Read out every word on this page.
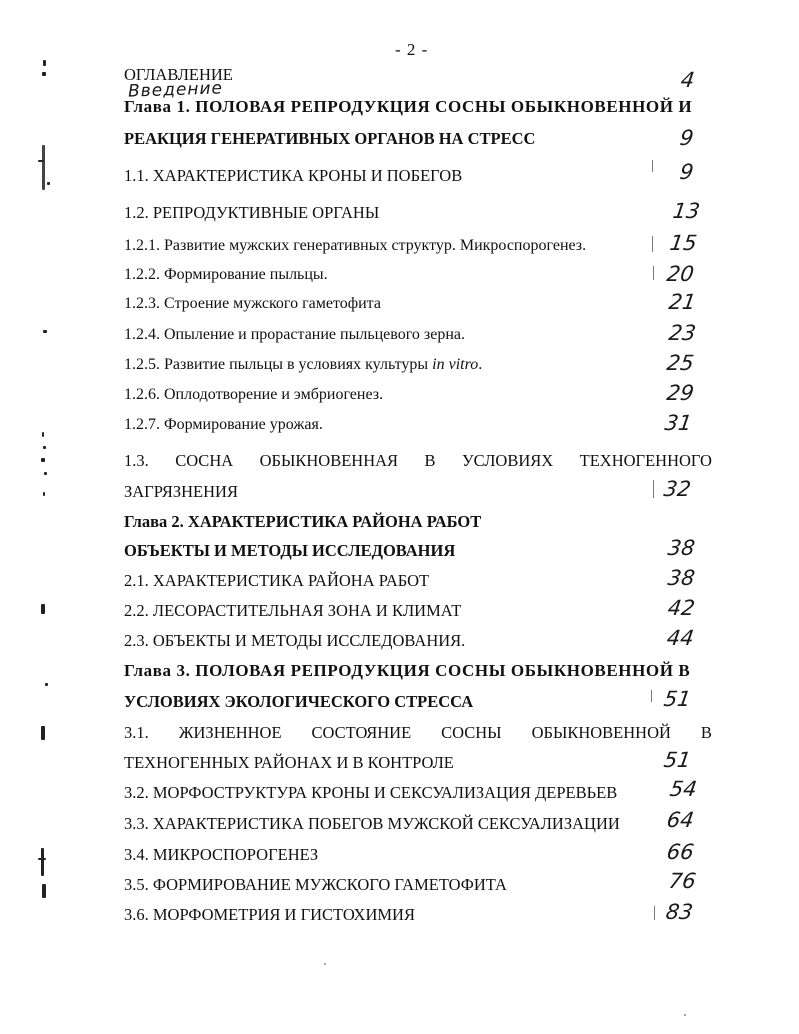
- 2 -
ОГЛАВЛЕНИЕ
Введение	4
Глава 1. ПОЛОВАЯ РЕПРОДУКЦИЯ СОСНЫ ОБЫКНОВЕННОЙ И
РЕАКЦИЯ ГЕНЕРАТИВНЫХ ОРГАНОВ НА СТРЕСС	9
1.1. ХАРАКТЕРИСТИКА КРОНЫ И ПОБЕГОВ	9
1.2. РЕПРОДУКТИВНЫЕ ОРГАНЫ	13
1.2.1. Развитие мужских генеративных структур. Микроспорогенез.	15
1.2.2. Формирование пыльцы.	20
1.2.3. Строение мужского гаметофита	21
1.2.4. Опыление и прорастание пыльцевого зерна.	23
1.2.5. Развитие пыльцы в условиях культуры in vitro.	25
1.2.6. Оплодотворение и эмбриогенез.	29
1.2.7. Формирование урожая.	31
1.3. СОСНА ОБЫКНОВЕННАЯ В УСЛОВИЯХ ТЕХНОГЕННОГО
ЗАГРЯЗНЕНИЯ	32
Глава 2. ХАРАКТЕРИСТИКА РАЙОНА РАБОТ
ОБЪЕКТЫ И МЕТОДЫ ИССЛЕДОВАНИЯ	38
2.1. ХАРАКТЕРИСТИКА РАЙОНА РАБОТ	38
2.2. ЛЕСОРАСТИТЕЛЬНАЯ ЗОНА И КЛИМАТ	42
2.3. ОБЪЕКТЫ И МЕТОДЫ ИССЛЕДОВАНИЯ.	44
Глава 3. ПОЛОВАЯ РЕПРОДУКЦИЯ СОСНЫ ОБЫКНОВЕННОЙ В
УСЛОВИЯХ ЭКОЛОГИЧЕСКОГО СТРЕССА	51
3.1. ЖИЗНЕННОЕ СОСТОЯНИЕ СОСНЫ ОБЫКНОВЕННОЙ В
ТЕХНОГЕННЫХ РАЙОНАХ И В КОНТРОЛЕ	51
3.2. МОРФОСТРУКТУРА КРОНЫ И СЕКСУАЛИЗАЦИЯ ДЕРЕВЬЕВ 54
3.3. ХАРАКТЕРИСТИКА ПОБЕГОВ МУЖСКОЙ СЕКСУАЛИЗАЦИИ 64
3.4. МИКРОСПОРОГЕНЕЗ	66
3.5. ФОРМИРОВАНИЕ МУЖСКОГО ГАМЕТОФИТА	76
3.6. МОРФОМЕТРИЯ И ГИСТОХИМИЯ	83
